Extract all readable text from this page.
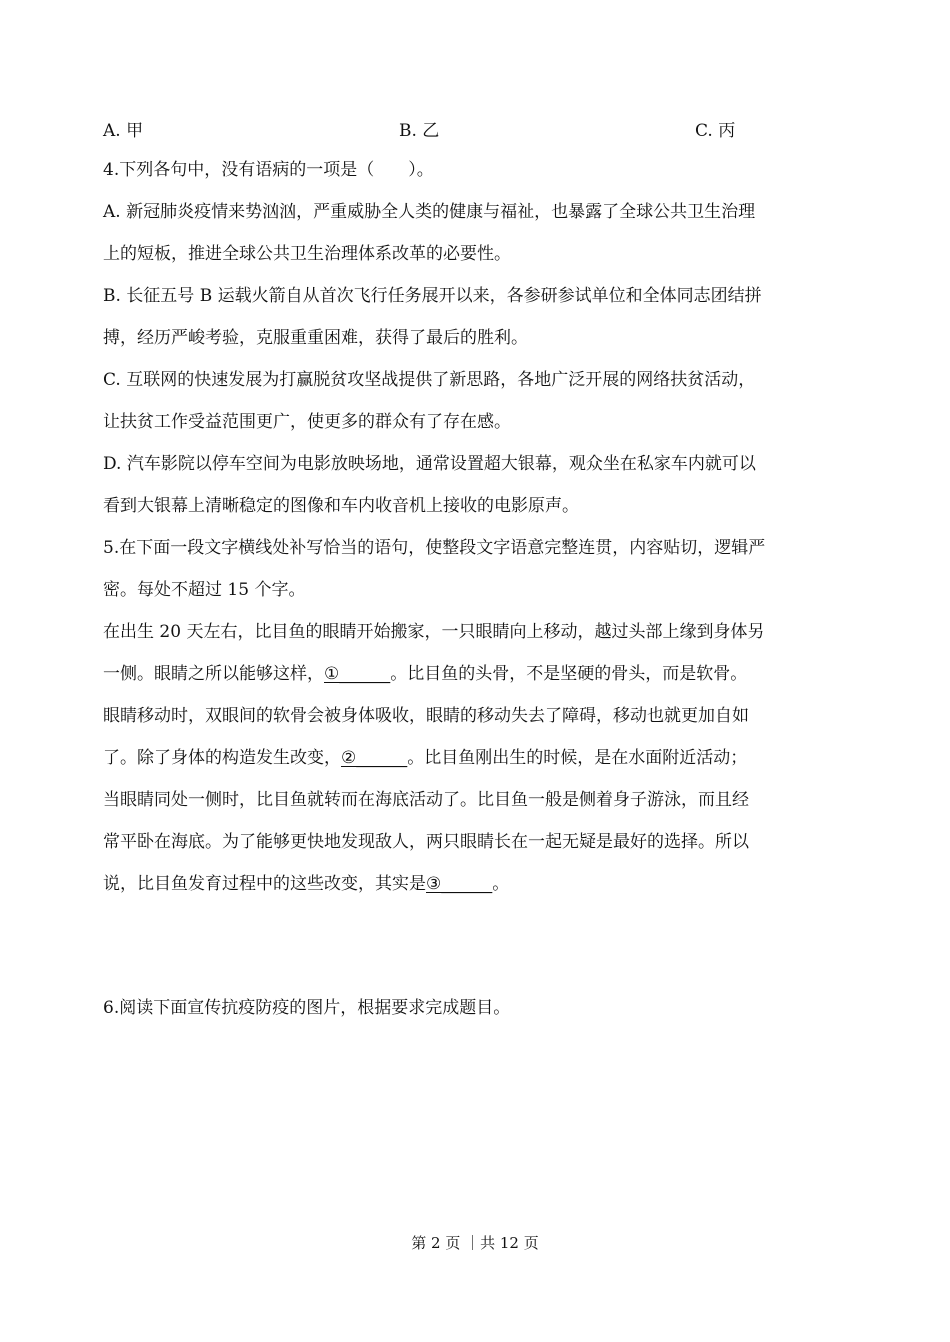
A. 甲	B. 乙	C. 丙
4.下列各句中，没有语病的一项是（　　）。
A. 新冠肺炎疫情来势汹汹，严重威胁全人类的健康与福祉，也暴露了全球公共卫生治理
上的短板，推进全球公共卫生治理体系改革的必要性。
B. 长征五号 B 运载火箭自从首次飞行任务展开以来，各参研参试单位和全体同志团结拼
搏，经历严峻考验，克服重重困难，获得了最后的胜利。
C. 互联网的快速发展为打赢脱贫攻坚战提供了新思路，各地广泛开展的网络扶贫活动，
让扶贫工作受益范围更广，使更多的群众有了存在感。
D. 汽车影院以停车空间为电影放映场地，通常设置超大银幕，观众坐在私家车内就可以
看到大银幕上清晰稳定的图像和车内收音机上接收的电影原声。
5.在下面一段文字横线处补写恰当的语句，使整段文字语意完整连贯，内容贴切，逻辑严
密。每处不超过 15 个字。
在出生 20 天左右，比目鱼的眼睛开始搬家，一只眼睛向上移动，越过头部上缘到身体另
一侧。眼睛之所以能够这样，①______。比目鱼的头骨，不是坚硬的骨头，而是软骨。
眼睛移动时，双眼间的软骨会被身体吸收，眼睛的移动失去了障碍，移动也就更加自如
了。除了身体的构造发生改变，②______。比目鱼刚出生的时候，是在水面附近活动；
当眼睛同处一侧时，比目鱼就转而在海底活动了。比目鱼一般是侧着身子游泳，而且经
常平卧在海底。为了能够更快地发现敌人，两只眼睛长在一起无疑是最好的选择。所以
说，比目鱼发育过程中的这些改变，其实是③______。
6.阅读下面宣传抗疫防疫的图片，根据要求完成题目。
第 2 页 ｜共 12 页
